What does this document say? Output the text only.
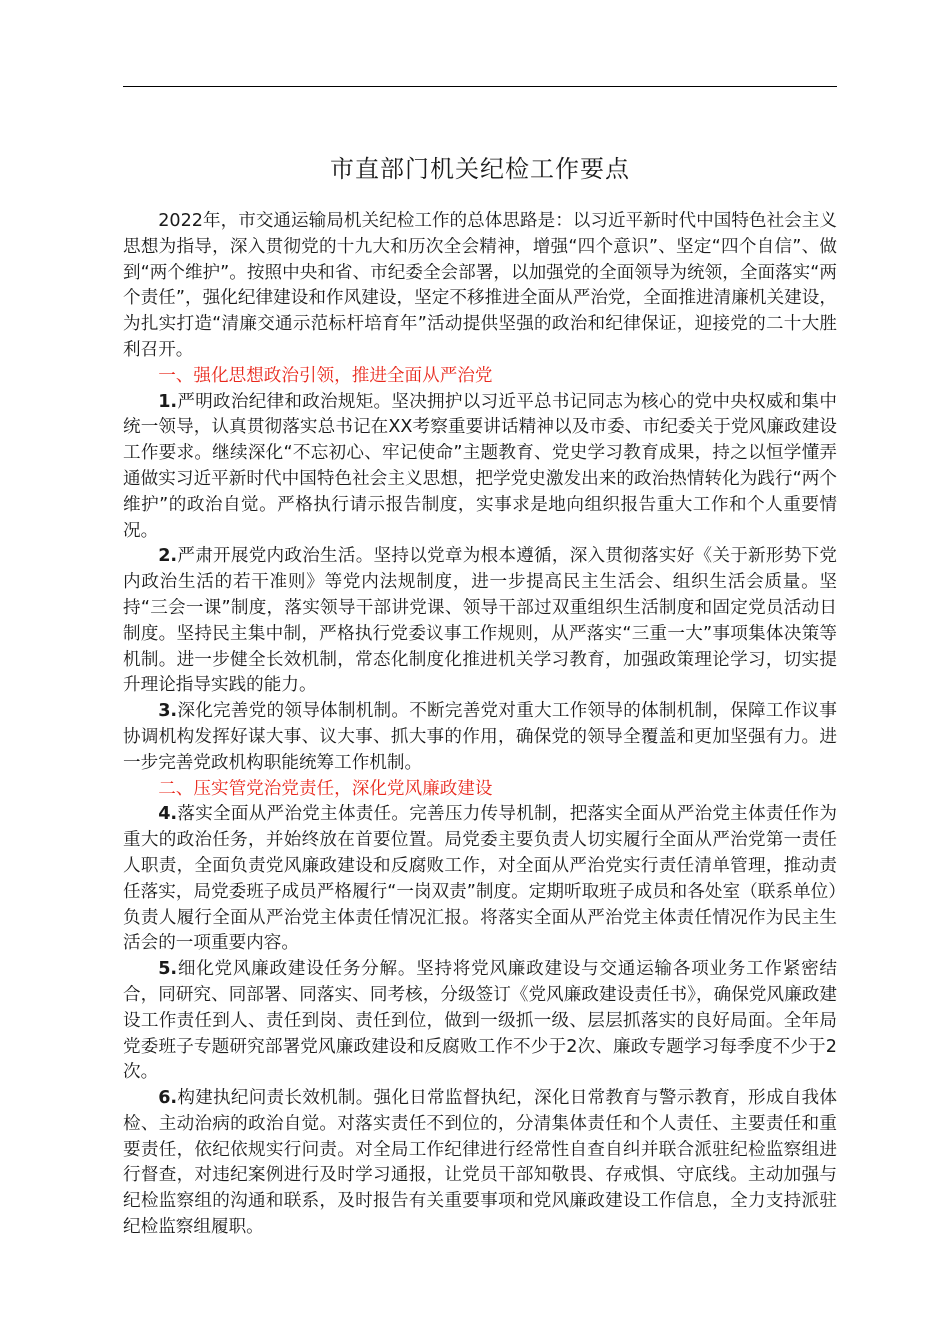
市直部门机关纪检工作要点

2022年，市交通运输局机关纪检工作的总体思路是：以习近平新时代中国特色社会主义思想为指导，深入贯彻党的十九大和历次全会精神，增强“四个意识”、坚定“四个自信”、做到“两个维护”。按照中央和省、市纪委全会部署，以加强党的全面领导为统领，全面落实“两个责任”，强化纪律建设和作风建设，坚定不移推进全面从严治党，全面推进清廉机关建设，为扎实打造“清廉交通示范标杆培育年”活动提供坚强的政治和纪律保证，迎接党的二十大胜利召开。

一、强化思想政治引领，推进全面从严治党

1.严明政治纪律和政治规矩。坚决拥护以习近平总书记同志为核心的党中央权威和集中统一领导，认真贯彻落实总书记在XX考察重要讲话精神以及市委、市纪委关于党风廉政建设工作要求。继续深化“不忘初心、牢记使命”主题教育、党史学习教育成果，持之以恒学懂弄通做实习近平新时代中国特色社会主义思想，把学党史激发出来的政治热情转化为践行“两个维护”的政治自觉。严格执行请示报告制度，实事求是地向组织报告重大工作和个人重要情况。

2.严肃开展党内政治生活。坚持以党章为根本遵循，深入贯彻落实好《关于新形势下党内政治生活的若干准则》等党内法规制度，进一步提高民主生活会、组织生活会质量。坚持“三会一课”制度，落实领导干部讲党课、领导干部过双重组织生活制度和固定党员活动日制度。坚持民主集中制，严格执行党委议事工作规则，从严落实“三重一大”事项集体决策等机制。进一步健全长效机制，常态化制度化推进机关学习教育，加强政策理论学习，切实提升理论指导实践的能力。

3.深化完善党的领导体制机制。不断完善党对重大工作领导的体制机制，保障工作议事协调机构发挥好谋大事、议大事、抓大事的作用，确保党的领导全覆盖和更加坚强有力。进一步完善党政机构职能统筹工作机制。

二、压实管党治党责任，深化党风廉政建设

4.落实全面从严治党主体责任。完善压力传导机制，把落实全面从严治党主体责任作为重大的政治任务，并始终放在首要位置。局党委主要负责人切实履行全面从严治党第一责任人职责，全面负责党风廉政建设和反腐败工作，对全面从严治党实行责任清单管理，推动责任落实，局党委班子成员严格履行“一岗双责”制度。定期听取班子成员和各处室（联系单位）负责人履行全面从严治党主体责任情况汇报。将落实全面从严治党主体责任情况作为民主生活会的一项重要内容。

5.细化党风廉政建设任务分解。坚持将党风廉政建设与交通运输各项业务工作紧密结合，同研究、同部署、同落实、同考核，分级签订《党风廉政建设责任书》，确保党风廉政建设工作责任到人、责任到岗、责任到位，做到一级抓一级、层层抓落实的良好局面。全年局党委班子专题研究部署党风廉政建设和反腐败工作不少于2次、廉政专题学习每季度不少于2次。

6.构建执纪问责长效机制。强化日常监督执纪，深化日常教育与警示教育，形成自我体检、主动治病的政治自觉。对落实责任不到位的，分清集体责任和个人责任、主要责任和重要责任，依纪依规实行问责。对全局工作纪律进行经常性自查自纠并联合派驻纪检监察组进行督查，对违纪案例进行及时学习通报，让党员干部知敬畏、存戒惧、守底线。主动加强与纪检监察组的沟通和联系，及时报告有关重要事项和党风廉政建设工作信息，全力支持派驻纪检监察组履职。
